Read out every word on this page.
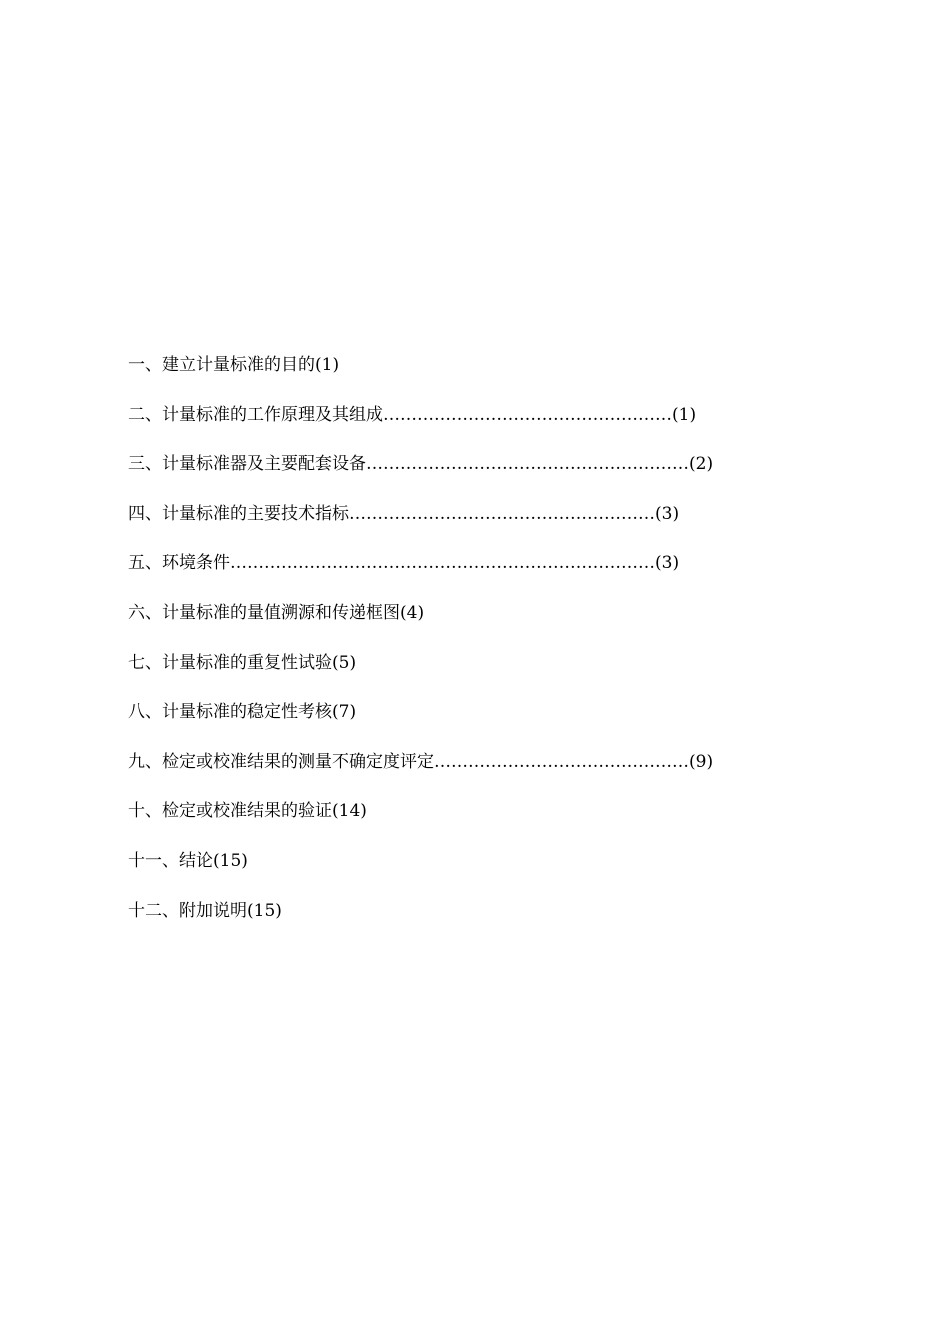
一、建立计量标准的目的(1)
二、计量标准的工作原理及其组成……………………………………………(1)
三、计量标准器及主要配套设备…………………………………………………(2)
四、计量标准的主要技术指标………………………………………………(3)
五、环境条件…………………………………………………………………(3)
六、计量标准的量值溯源和传递框图(4)
七、计量标准的重复性试验(5)
八、计量标准的稳定性考核(7)
九、检定或校准结果的测量不确定度评定………………………………………(9)
十、检定或校准结果的验证(14)
十一、结论(15)
十二、附加说明(15)
